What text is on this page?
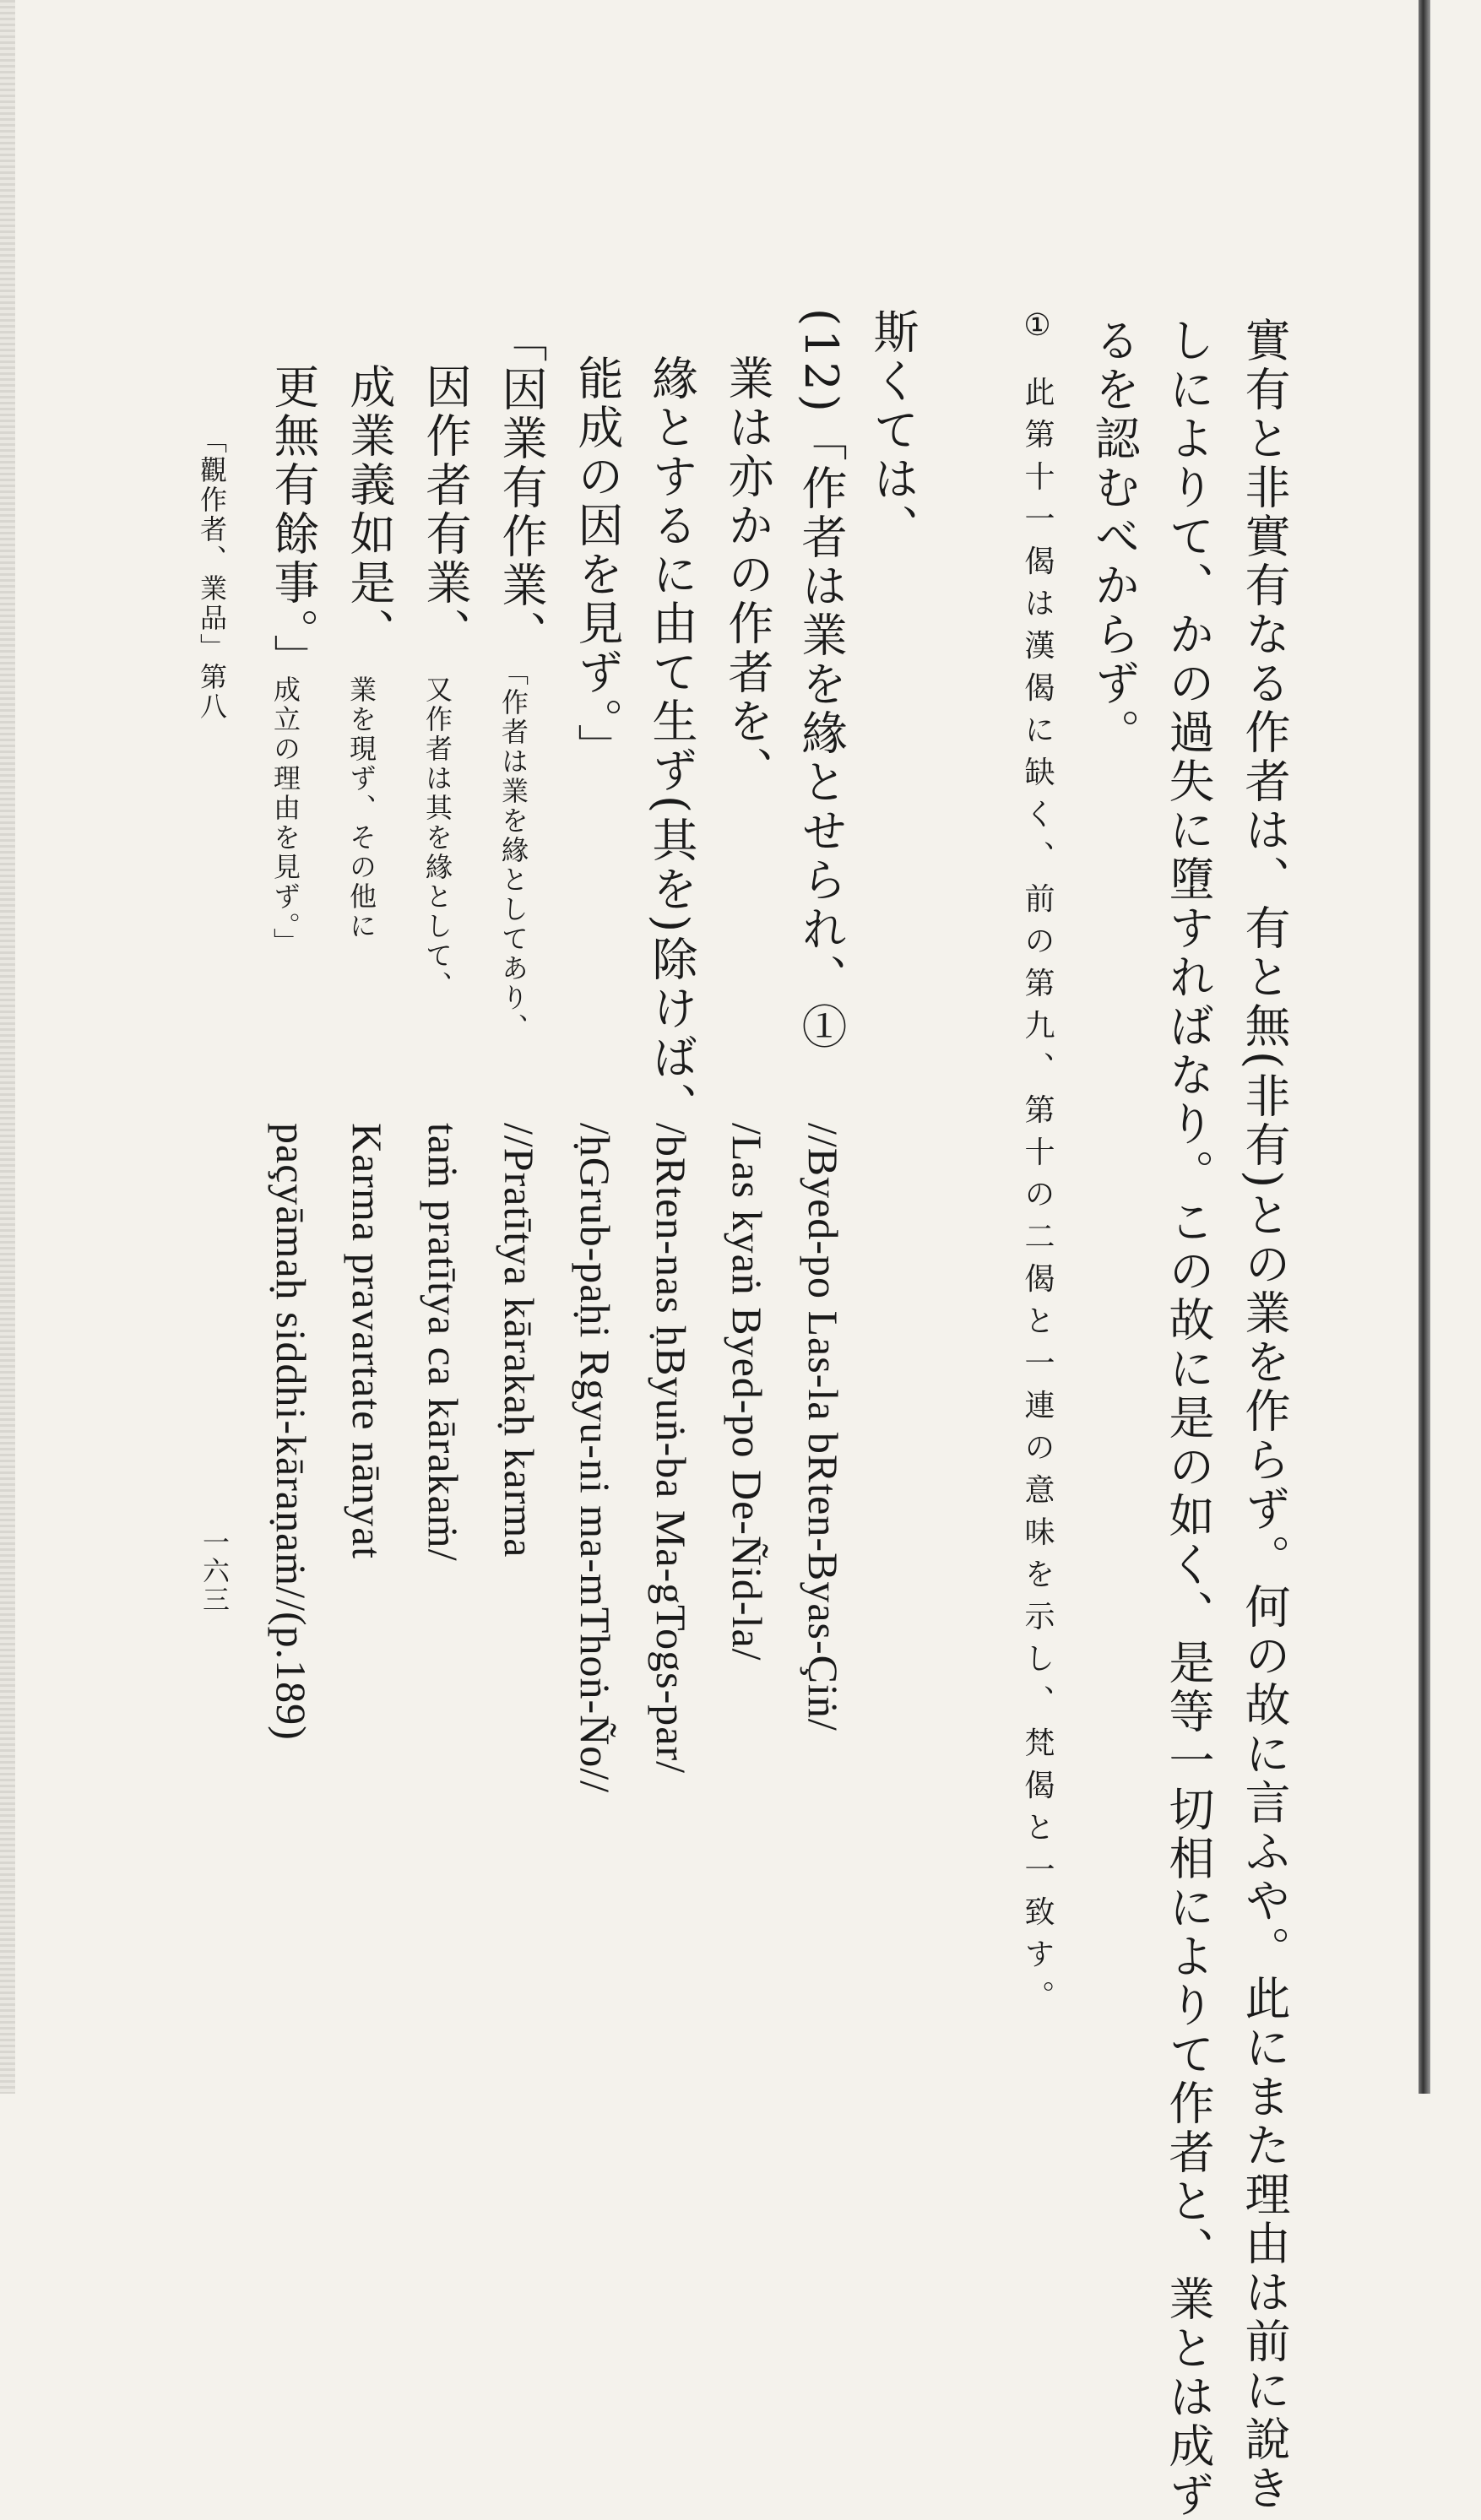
實有と非實有なる作者は、有と無(非有)との業を作らず。何の故に言ふや。此にまた理由は前に說き
しによりて、かの過失に墮すればなり。この故に是の如く、是等一切相によりて作者と、業とは成ず
るを認むべからず。
① 此第十一偈は漢偈に缺く、前の第九、第十の二偈と一連の意味を示し、梵偈と一致す。
斯くては、
(12)「作者は業を緣とせられ、①
業は亦かの作者を、
緣とするに由て生ず(其を)除けば、
能成の因を見ず。」
//Byed-po Las-la bRten-Byas-Çiṅ/
/Las kyaṅ Byed-po De-Ñid-la/
/bRten-nas ḥByuṅ-ba Ma-gTogs-par/
/ḥGrub-paḥi Rgyu-ni ma-mThoṅ-Ño//
「因業有作業、
「作者は業を緣としてあり、
因作者有業、
又作者は其を緣として、
成業義如是、
業を現ず、その他に
更無有餘事。」
成立の理由を見ず。」
//Pratītya kārakaḥ karma
taṁ pratītya ca kārakaṁ/
Karma pravartate nānyat
paçyāmaḥ siddhi-kāraṇaṁ//(p.189)
「觀作者、業品」第八
一六三
